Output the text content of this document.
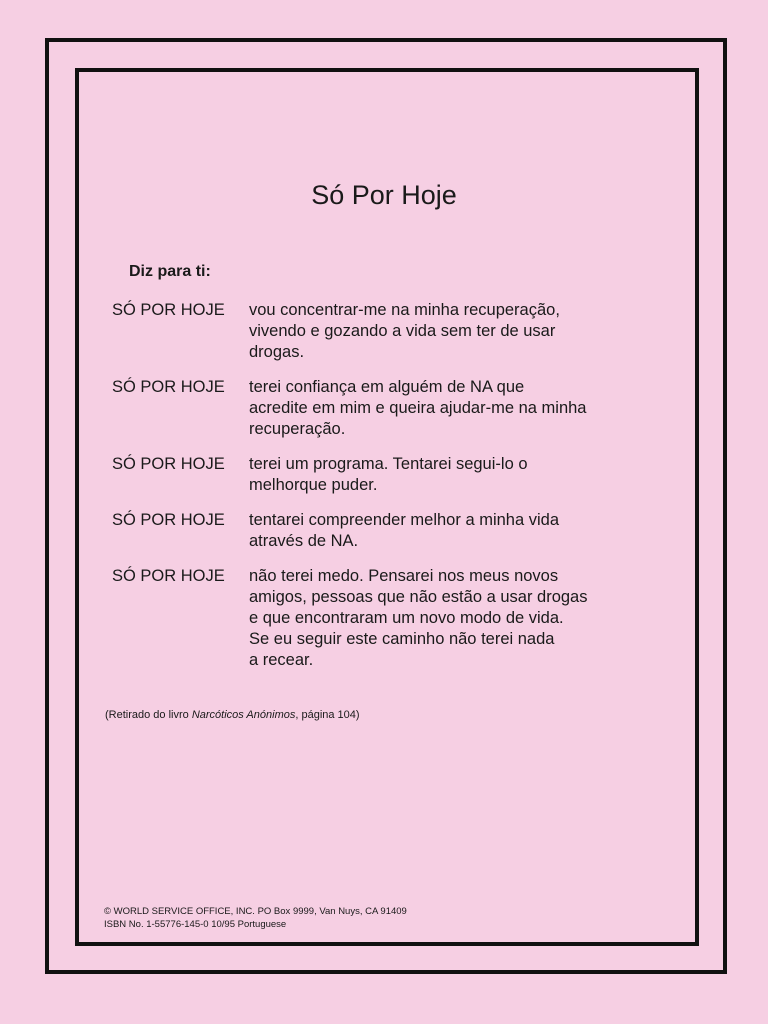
Só Por Hoje

Diz para ti:

SÓ POR HOJE	vou concentrar-me na minha recuperação,
vivendo e gozando a vida sem ter de usar
drogas.
SÓ POR HOJE	terei confiança em alguém de NA que
acredite em mim e queira ajudar-me na minha
recuperação.
SÓ POR HOJE	terei um programa. Tentarei segui-lo o
melhorque puder.
SÓ POR HOJE	tentarei compreender melhor a minha vida
através de NA.
SÓ POR HOJE	não terei medo. Pensarei nos meus novos
amigos, pessoas que não estão a usar drogas
e que encontraram um novo modo de vida.
Se eu seguir este caminho não terei nada
a recear.

(Retirado do livro Narcóticos Anónimos, página 104)

© WORLD SERVICE OFFICE, INC. PO Box 9999, Van Nuys, CA 91409
ISBN No. 1-55776-145-0 10/95 Portuguese
